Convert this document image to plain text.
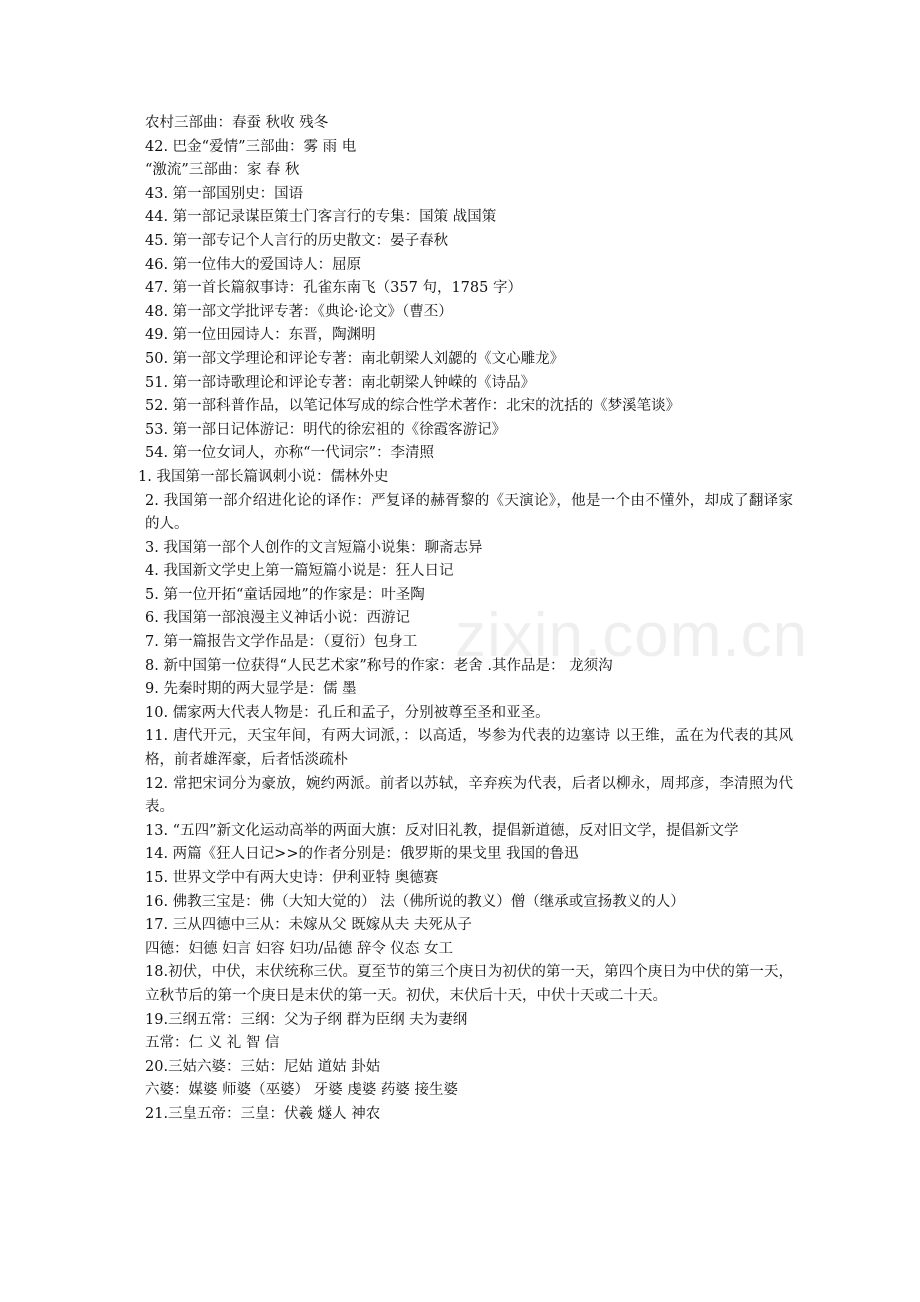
zixin.com.cn
农村三部曲：春蚕 秋收 残冬
42. 巴金“爱情”三部曲：雾 雨 电
“激流”三部曲：家 春 秋
43. 第一部国别史：国语
44. 第一部记录谋臣策士门客言行的专集：国策 战国策
45. 第一部专记个人言行的历史散文：晏子春秋
46. 第一位伟大的爱国诗人：屈原
47. 第一首长篇叙事诗：孔雀东南飞（357 句，1785 字）
48. 第一部文学批评专著：《典论·论文》（曹丕）
49. 第一位田园诗人：东晋，陶渊明
50. 第一部文学理论和评论专著：南北朝梁人刘勰的《文心雕龙》
51. 第一部诗歌理论和评论专著：南北朝梁人钟嵘的《诗品》
52. 第一部科普作品，以笔记体写成的综合性学术著作：北宋的沈括的《梦溪笔谈》
53. 第一部日记体游记：明代的徐宏祖的《徐霞客游记》
54. 第一位女词人，亦称“一代词宗”：李清照
1. 我国第一部长篇讽刺小说：儒林外史
2. 我国第一部介绍进化论的译作：严复译的赫胥黎的《天演论》，他是一个由不懂外，却成了翻译家的人。
3. 我国第一部个人创作的文言短篇小说集：聊斋志异
4. 我国新文学史上第一篇短篇小说是：狂人日记
5. 第一位开拓“童话园地”的作家是：叶圣陶
6. 我国第一部浪漫主义神话小说：西游记
7. 第一篇报告文学作品是：（夏衍）包身工
8. 新中国第一位获得“人民艺术家”称号的作家：老舍 .其作品是： 龙须沟
9. 先秦时期的两大显学是：儒 墨
10. 儒家两大代表人物是：孔丘和孟子，分别被尊至圣和亚圣。
11. 唐代开元，天宝年间，有两大词派，：以高适，岑参为代表的边塞诗 以王维，孟在为代表的其风格，前者雄浑豪，后者恬淡疏朴
12. 常把宋词分为豪放，婉约两派。前者以苏轼，辛弃疾为代表，后者以柳永，周邦彦，李清照为代表。
13. “五四”新文化运动高举的两面大旗：反对旧礼教，提倡新道德，反对旧文学，提倡新文学
14. 两篇《狂人日记>>的作者分别是：俄罗斯的果戈里 我国的鲁迅
15. 世界文学中有两大史诗：伊利亚特 奥德赛
16. 佛教三宝是：佛（大知大觉的） 法（佛所说的教义）僧（继承或宣扬教义的人）
17. 三从四德中三从：未嫁从父 既嫁从夫 夫死从子
四德：妇德 妇言 妇容 妇功/品德 辞令 仪态 女工
18.初伏，中伏，末伏统称三伏。夏至节的第三个庚日为初伏的第一天，第四个庚日为中伏的第一天，立秋节后的第一个庚日是末伏的第一天。初伏，末伏后十天，中伏十天或二十天。
19.三纲五常：三纲：父为子纲 群为臣纲 夫为妻纲
五常：仁 义 礼 智 信
20.三姑六婆：三姑：尼姑 道姑 卦姑
六婆：媒婆 师婆（巫婆） 牙婆 虔婆 药婆 接生婆
21.三皇五帝：三皇：伏羲 燧人 神农
